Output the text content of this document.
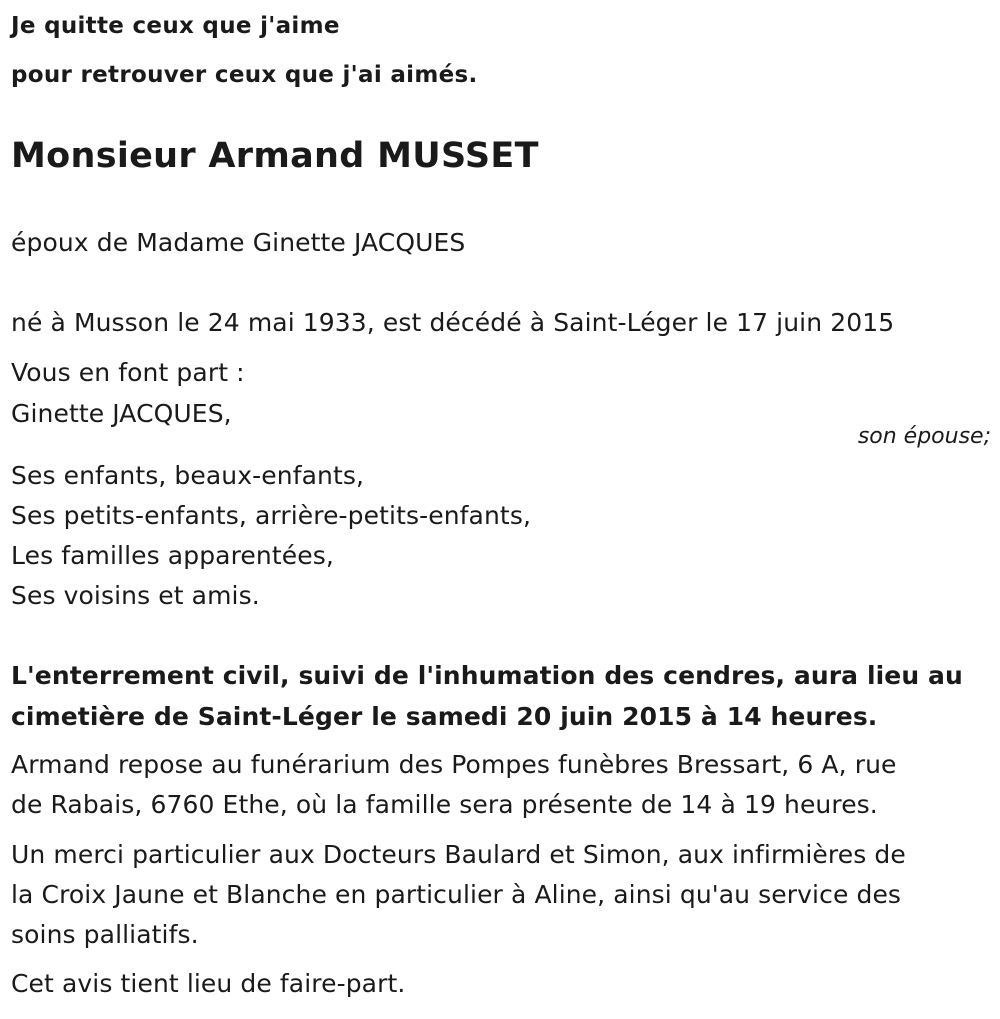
Je quitte ceux que j'aime
pour retrouver ceux que j'ai aimés.
Monsieur Armand MUSSET
époux de Madame Ginette JACQUES
né à Musson le 24 mai 1933, est décédé à Saint-Léger le 17 juin 2015
Vous en font part :
Ginette JACQUES,
son épouse;
Ses enfants, beaux-enfants,
Ses petits-enfants, arrière-petits-enfants,
Les familles apparentées,
Ses voisins et amis.
L'enterrement civil, suivi de l'inhumation des cendres, aura lieu au
cimetière de Saint-Léger le samedi 20 juin 2015 à 14 heures.
Armand repose au funérarium des Pompes funèbres Bressart, 6 A, rue
de Rabais, 6760 Ethe, où la famille sera présente de 14 à 19 heures.
Un merci particulier aux Docteurs Baulard et Simon, aux infirmières de
la Croix Jaune et Blanche en particulier à Aline, ainsi qu'au service des
soins palliatifs.
Cet avis tient lieu de faire-part.
